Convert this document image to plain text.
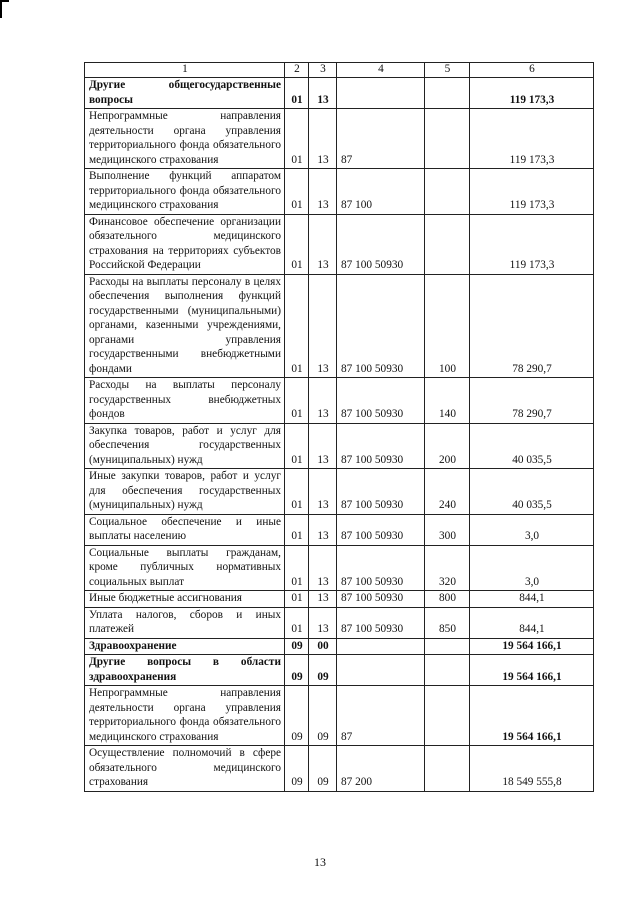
1	2	3	4	5	6
Другие общегосударственные вопросы	01	13			119 173,3
Непрограммные направления деятельности органа управления территориального фонда обязательного медицинского страхования	01	13	87		119 173,3
Выполнение функций аппаратом территориального фонда обязательного медицинского страхования	01	13	87 100		119 173,3
Финансовое обеспечение организации обязательного медицинского страхования на территориях субъектов Российской Федерации	01	13	87 100 50930		119 173,3
Расходы на выплаты персоналу в целях обеспечения выполнения функций государственными (муниципальными) органами, казенными учреждениями, органами управления государственными внебюджетными фондами	01	13	87 100 50930	100	78 290,7
Расходы на выплаты персоналу государственных внебюджетных фондов	01	13	87 100 50930	140	78 290,7
Закупка товаров, работ и услуг для обеспечения государственных (муниципальных) нужд	01	13	87 100 50930	200	40 035,5
Иные закупки товаров, работ и услуг для обеспечения государственных (муниципальных) нужд	01	13	87 100 50930	240	40 035,5
Социальное обеспечение и иные выплаты населению	01	13	87 100 50930	300	3,0
Социальные выплаты гражданам, кроме публичных нормативных социальных выплат	01	13	87 100 50930	320	3,0
Иные бюджетные ассигнования	01	13	87 100 50930	800	844,1
Уплата налогов, сборов и иных платежей	01	13	87 100 50930	850	844,1
Здравоохранение	09	00			19 564 166,1
Другие вопросы в области здравоохранения	09	09			19 564 166,1
Непрограммные направления деятельности органа управления территориального фонда обязательного медицинского страхования	09	09	87		19 564 166,1
Осуществление полномочий в сфере обязательного медицинского страхования	09	09	87 200		18 549 555,8
13
